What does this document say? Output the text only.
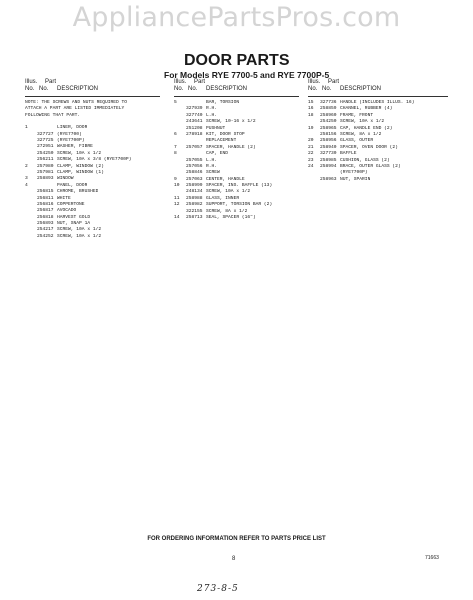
AppliancePartsPros.com
DOOR PARTS
For Models RYE 7700-5 and RYE 7700P-5
Illus. Part
No. No. DESCRIPTION
Illus. Part
No. No. DESCRIPTION
Illus. Part
No. No. DESCRIPTION
NOTE: THE SCREWS AND NUTS REQUIRED TO ATTACH A PART ARE LISTED IMMEDIATELY FOLLOWING THAT PART.
1	LINER, DOOR
327727 (RYE7700)
327725 (RYE7700P)
272951 WASHER, FIBRE
254250 SCREW, 10A x 1/2
256211 SCREW, 10A x 3/8 (RYE7700P)
2 257980 CLAMP, WINDOW (2)
257981 CLAMP, WINDOW (1)
3 258893 WINDOW
4	PANEL, DOOR
256815 CHROME, BRUSHED
256811 WHITE
256816 COPPERTONE
256817 AVOCADO
256818 HARVEST GOLD
256893 NUT, SNAP 1A
254217 SCREW, 10A x 1/2
254252 SCREW, 10A x 1/2
5	BAR, TORSION
327939 R.H.
327740 L.H.
243641 SCREW, 10-16 x 1/2
251208 PUSHNUT
6 278918 KIT, DOOR STOP
REPLACEMENT
7 257057 SPACER, HANDLE (2)
8	CAP, END
257055 L.H.
257056 R.H.
258846 SCREW
9 257063 CENTER, HANDLE
10 258999 SPACER, INS. BAFFLE (13)
248134 SCREW, 10A x 1/2
11 258988 GLASS, INNER
12 258982 SUPPORT, TORSION BAR (2)
322155 SCREW, 8A x 1/2
14 258713 SEAL, SPACER (16")
15 327736 HANDLE (INCLUDES ILLUS. 16)
16 258859 CHANNEL, RUBBER (4)
18 258960 FRAME, FRONT
254250 SCREW, 10A x 1/2
19 258965 CAP, HANDLE END (2)
258156 SCREW, 8A x 1/2
20 258956 GLASS, OUTER
21 258940 SPACER, OVEN DOOR (2)
22 327730 BAFFLE
23 258985 CUSHION, GLASS (2)
24 258994 BRACE, OUTER GLASS (2)
(RYE7700P)
258963 NUT, SPARIN
FOR ORDERING INFORMATION REFER TO PARTS PRICE LIST
8	71663
273-8-5
